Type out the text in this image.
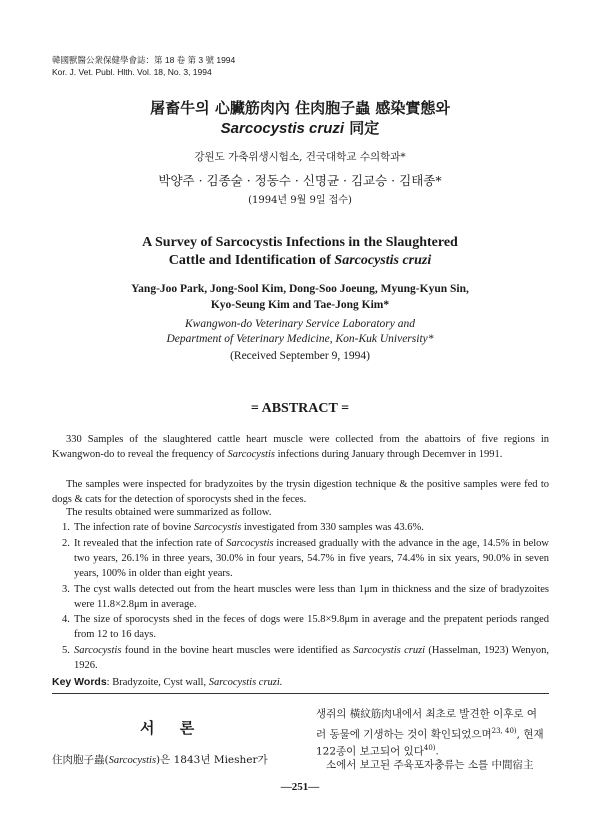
韓國獸醫公衆保健學會誌：第 18 卷 第 3 號 1994
Kor. J. Vet. Publ. Hlth. Vol. 18, No. 3, 1994
屠畜牛의 心臟筋肉內 住肉胞子蟲 感染實態와
Sarcocystis cruzi 同定
강원도 가축위생시험소, 건국대학교 수의학과*
박양주 · 김종술 · 정동수 · 신명균 · 김교승 · 김태종*
(1994년 9월 9일 접수)
A Survey of Sarcocystis Infections in the Slaughtered
Cattle and Identification of Sarcocystis cruzi
Yang-Joo Park, Jong-Sool Kim, Dong-Soo Joeung, Myung-Kyun Sin,
Kyo-Seung Kim and Tae-Jong Kim*
Kwangwon-do Veterinary Service Laboratory and
Department of Veterinary Medicine, Kon-Kuk University*
(Received September 9, 1994)
= ABSTRACT =
330 Samples of the slaughtered cattle heart muscle were collected from the abattoirs of five regions in Kwangwon-do to reveal the frequency of Sarcocystis infections during January through Decemver in 1991.
The samples were inspected for bradyzoites by the trysin digestion technique & the positive samples were fed to dogs & cats for the detection of sporocysts shed in the feces.
The results obtained were summarized as follow.
1. The infection rate of bovine Sarcocystis investigated from 330 samples was 43.6%.
2. It revealed that the infection rate of Sarcocystis increased gradually with the advance in the age, 14.5% in below two years, 26.1% in three years, 30.0% in four years, 54.7% in five years, 74.4% in six years, 90.0% in seven years, 100% in older than eight years.
3. The cyst walls detected out from the heart muscles were less than 1μm in thickness and the size of bradyzoites were 11.8×2.8μm in average.
4. The size of sporocysts shed in the feces of dogs were 15.8×9.8μm in average and the prepatent periods ranged from 12 to 16 days.
5. Sarcocystis found in the bovine heart muscles were identified as Sarcocystis cruzi (Hasselman, 1923) Wenyon, 1926.
Key Words: Bradyzoite, Cyst wall, Sarcocystis cruzi.
서 론
住肉胞子蟲(Sarcocystis)은 1843년 Miesher가
생쥐의 橫紋筋肉내에서 최초로 발견한 이후로 여
러 동물에 기생하는 것이 확인되었으며$^{23, 40)}$, 현재
122종이 보고되어 있다$^{40)}$.
소에서 보고된 주육포자충류는 소를 中間宿主
—251—
